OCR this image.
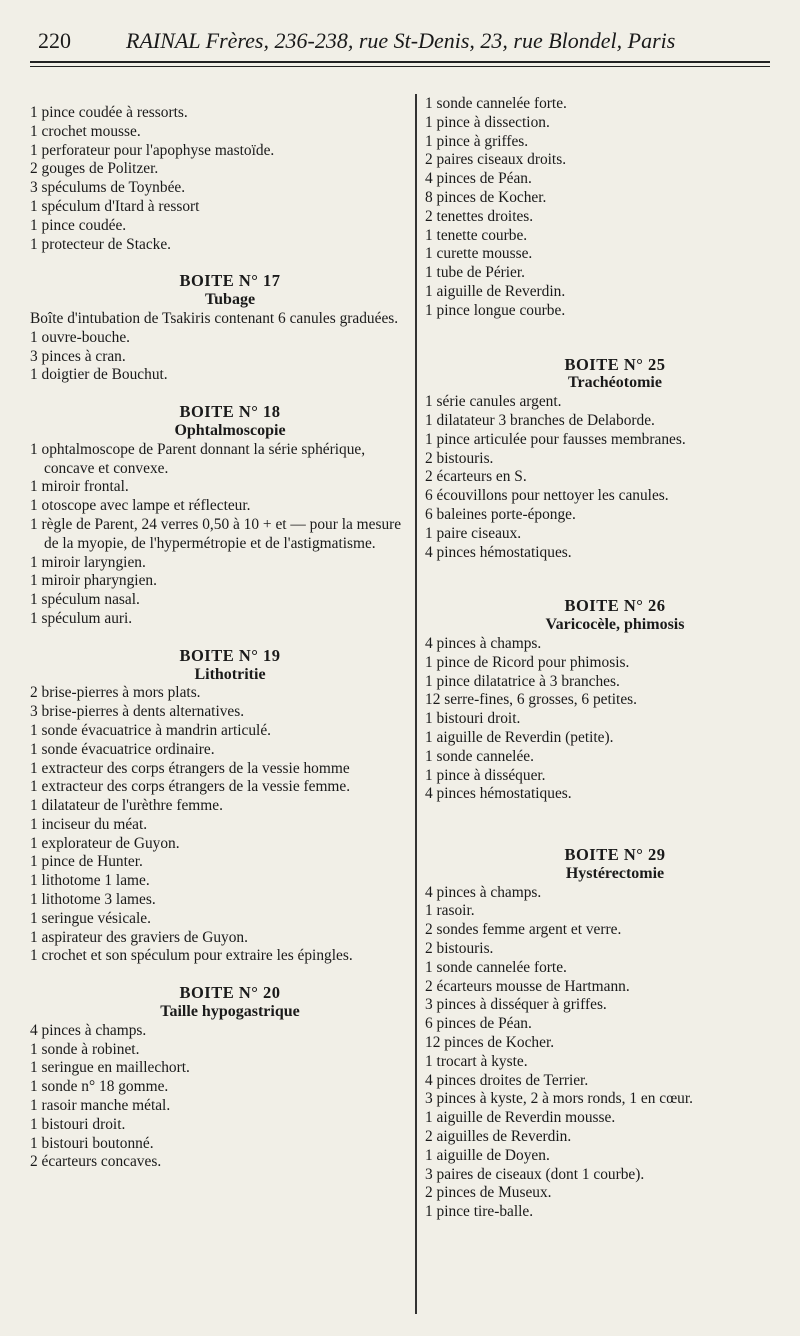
220	RAINAL Frères, 236-238, rue St-Denis, 23, rue Blondel, Paris
1 pince coudée à ressorts.
1 crochet mousse.
1 perforateur pour l'apophyse mastoïde.
2 gouges de Politzer.
3 spéculums de Toynbée.
1 spéculum d'Itard à ressort
1 pince coudée.
1 protecteur de Stacke.
BOITE N° 17
Tubage
Boîte d'intubation de Tsakiris contenant 6 canules graduées.
1 ouvre-bouche.
3 pinces à cran.
1 doigtier de Bouchut.
BOITE N° 18
Ophtalmoscopie
1 ophtalmoscope de Parent donnant la série sphérique, concave et convexe.
1 miroir frontal.
1 otoscope avec lampe et réflecteur.
1 règle de Parent, 24 verres 0,50 à 10 + et — pour la mesure de la myopie, de l'hypermétropie et de l'astigmatisme.
1 miroir laryngien.
1 miroir pharyngien.
1 spéculum nasal.
1 spéculum auri.
BOITE N° 19
Lithotritie
2 brise-pierres à mors plats.
3 brise-pierres à dents alternatives.
1 sonde évacuatrice à mandrin articulé.
1 sonde évacuatrice ordinaire.
1 extracteur des corps étrangers de la vessie homme
1 extracteur des corps étrangers de la vessie femme.
1 dilatateur de l'urèthre femme.
1 inciseur du méat.
1 explorateur de Guyon.
1 pince de Hunter.
1 lithotome 1 lame.
1 lithotome 3 lames.
1 seringue vésicale.
1 aspirateur des graviers de Guyon.
1 crochet et son spéculum pour extraire les épingles.
BOITE N° 20
Taille hypogastrique
4 pinces à champs.
1 sonde à robinet.
1 seringue en maillechort.
1 sonde n° 18 gomme.
1 rasoir manche métal.
1 bistouri droit.
1 bistouri boutonné.
2 écarteurs concaves.
1 sonde cannelée forte.
1 pince à dissection.
1 pince à griffes.
2 paires ciseaux droits.
4 pinces de Péan.
8 pinces de Kocher.
2 tenettes droites.
1 tenette courbe.
1 curette mousse.
1 tube de Périer.
1 aiguille de Reverdin.
1 pince longue courbe.
BOITE N° 25
Trachéotomie
1 série canules argent.
1 dilatateur 3 branches de Delaborde.
1 pince articulée pour fausses membranes.
2 bistouris.
2 écarteurs en S.
6 écouvillons pour nettoyer les canules.
6 baleines porte-éponge.
1 paire ciseaux.
4 pinces hémostatiques.
BOITE N° 26
Varicocèle, phimosis
4 pinces à champs.
1 pince de Ricord pour phimosis.
1 pince dilatatrice à 3 branches.
12 serre-fines, 6 grosses, 6 petites.
1 bistouri droit.
1 aiguille de Reverdin (petite).
1 sonde cannelée.
1 pince à disséquer.
4 pinces hémostatiques.
BOITE N° 29
Hystérectomie
4 pinces à champs.
1 rasoir.
2 sondes femme argent et verre.
2 bistouris.
1 sonde cannelée forte.
2 écarteurs mousse de Hartmann.
3 pinces à disséquer à griffes.
6 pinces de Péan.
12 pinces de Kocher.
1 trocart à kyste.
4 pinces droites de Terrier.
3 pinces à kyste, 2 à mors ronds, 1 en cœur.
1 aiguille de Reverdin mousse.
2 aiguilles de Reverdin.
1 aiguille de Doyen.
3 paires de ciseaux (dont 1 courbe).
2 pinces de Museux.
1 pince tire-balle.
